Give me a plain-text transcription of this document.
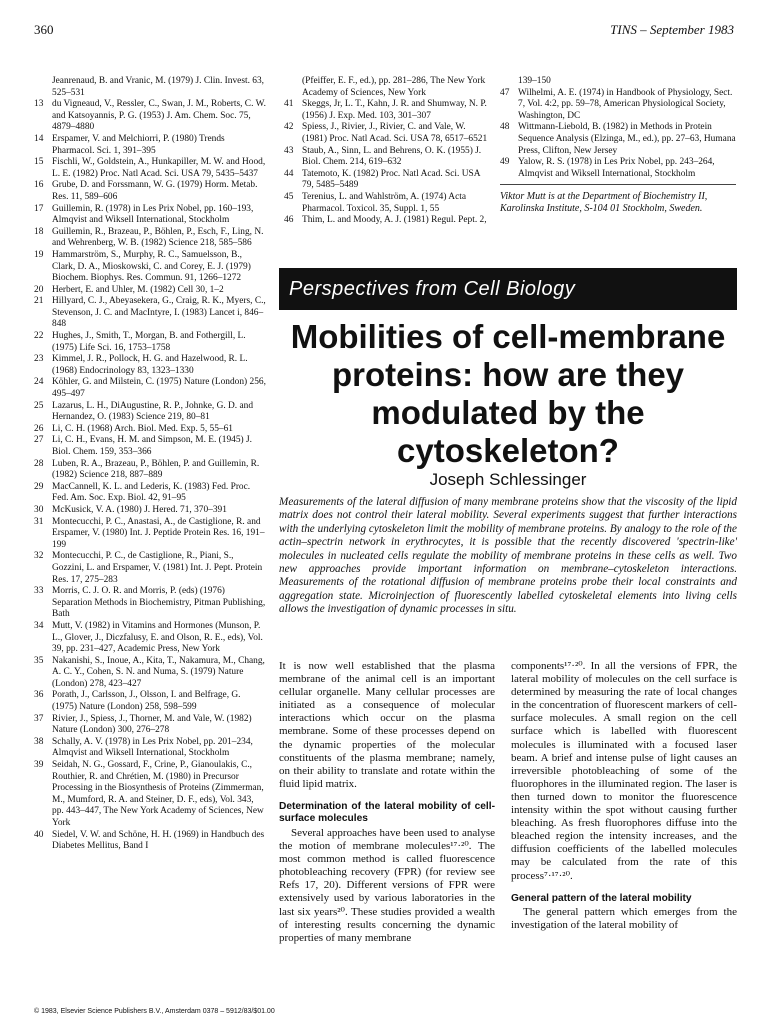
360	TINS – September 1983

Jeanrenaud, B. and Vranic, M. (1979) J. Clin. Invest. 63, 525–531

13 du Vigneaud, V., Ressler, C., Swan, J. M., Roberts, C. W. and Katsoyannis, P. G. (1953) J. Am. Chem. Soc. 75, 4879–4880

14 Erspamer, V. and Melchiorri, P. (1980) Trends Pharmacol. Sci. 1, 391–395

15 Fischli, W., Goldstein, A., Hunkapiller, M. W. and Hood, L. E. (1982) Proc. Natl Acad. Sci. USA 79, 5435–5437

16 Grube, D. and Forssmann, W. G. (1979) Horm. Metab. Res. 11, 589–606

17 Guillemin, R. (1978) in Les Prix Nobel, pp. 160–193, Almqvist and Wiksell International, Stockholm

18 Guillemin, R., Brazeau, P., Böhlen, P., Esch, F., Ling, N. and Wehrenberg, W. B. (1982) Science 218, 585–586

19 Hammarström, S., Murphy, R. C., Samuelsson, B., Clark, D. A., Mioskowski, C. and Corey, E. J. (1979) Biochem. Biophys. Res. Commun. 91, 1266–1272

20 Herbert, E. and Uhler, M. (1982) Cell 30, 1–2

21 Hillyard, C. J., Abeyasekera, G., Craig, R. K., Myers, C., Stevenson, J. C. and MacIntyre, I. (1983) Lancet i, 846–848

22 Hughes, J., Smith, T., Morgan, B. and Fothergill, L. (1975) Life Sci. 16, 1753–1758

23 Kimmel, J. R., Pollock, H. G. and Hazelwood, R. L. (1968) Endocrinology 83, 1323–1330

24 Köhler, G. and Milstein, C. (1975) Nature (London) 256, 495–497

25 Lazarus, L. H., DiAugustine, R. P., Johnke, G. D. and Hernandez, O. (1983) Science 219, 80–81

26 Li, C. H. (1968) Arch. Biol. Med. Exp. 5, 55–61

27 Li, C. H., Evans, H. M. and Simpson, M. E. (1945) J. Biol. Chem. 159, 353–366

28 Luben, R. A., Brazeau, P., Böhlen, P. and Guillemin, R. (1982) Science 218, 887–889

29 MacCannell, K. L. and Lederis, K. (1983) Fed. Proc. Fed. Am. Soc. Exp. Biol. 42, 91–95

30 McKusick, V. A. (1980) J. Hered. 71, 370–391

31 Montecucchi, P. C., Anastasi, A., de Castiglione, R. and Erspamer, V. (1980) Int. J. Peptide Protein Res. 16, 191–199

32 Montecucchi, P. C., de Castiglione, R., Piani, S., Gozzini, L. and Erspamer, V. (1981) Int. J. Pept. Protein Res. 17, 275–283

33 Morris, C. J. O. R. and Morris, P. (eds) (1976) Separation Methods in Biochemistry, Pitman Publishing, Bath

34 Mutt, V. (1982) in Vitamins and Hormones (Munson, P. L., Glover, J., Diczfalusy, E. and Olson, R. E., eds), Vol. 39, pp. 231–427, Academic Press, New York

35 Nakanishi, S., Inoue, A., Kita, T., Nakamura, M., Chang, A. C. Y., Cohen, S. N. and Numa, S. (1979) Nature (London) 278, 423–427

36 Porath, J., Carlsson, J., Olsson, I. and Belfrage, G. (1975) Nature (London) 258, 598–599

37 Rivier, J., Spiess, J., Thorner, M. and Vale, W. (1982) Nature (London) 300, 276–278

38 Schally, A. V. (1978) in Les Prix Nobel, pp. 201–234, Almqvist and Wiksell International, Stockholm

39 Seidah, N. G., Gossard, F., Crine, P., Gianoulakis, C., Routhier, R. and Chrétien, M. (1980) in Precursor Processing in the Biosynthesis of Proteins (Zimmerman, M., Mumford, R. A. and Steiner, D. F., eds), Vol. 343, pp. 443–447, The New York Academy of Sciences, New York

40 Siedel, V. W. and Schöne, H. H. (1969) in Handbuch des Diabetes Mellitus, Band I

(Pfeiffer, E. F., ed.), pp. 281–286, The New York Academy of Sciences, New York

41 Skeggs, Jr, L. T., Kahn, J. R. and Shumway, N. P. (1956) J. Exp. Med. 103, 301–307

42 Spiess, J., Rivier, J., Rivier, C. and Vale, W. (1981) Proc. Natl Acad. Sci. USA 78, 6517–6521

43 Staub, A., Sinn, L. and Behrens, O. K. (1955) J. Biol. Chem. 214, 619–632

44 Tatemoto, K. (1982) Proc. Natl Acad. Sci. USA 79, 5485–5489

45 Terenius, L. and Wahlström, A. (1974) Acta Pharmacol. Toxicol. 35, Suppl. 1, 55

46 Thim, L. and Moody, A. J. (1981) Regul. Pept. 2,

139–150

47 Wilhelmi, A. E. (1974) in Handbook of Physiology, Sect. 7, Vol. 4:2, pp. 59–78, American Physiological Society, Washington, DC

48 Wittmann-Liebold, B. (1982) in Methods in Protein Sequence Analysis (Elzinga, M., ed.), pp. 27–63, Humana Press, Clifton, New Jersey

49 Yalow, R. S. (1978) in Les Prix Nobel, pp. 243–264, Almqvist and Wiksell International, Stockholm

Viktor Mutt is at the Department of Biochemistry II, Karolinska Institute, S-104 01 Stockholm, Sweden.
Perspectives from Cell Biology
Mobilities of cell-membrane proteins: how are they modulated by the cytoskeleton?
Joseph Schlessinger
Measurements of the lateral diffusion of many membrane proteins show that the viscosity of the lipid matrix does not control their lateral mobility. Several experiments suggest that further interactions with the underlying cytoskeleton limit the mobility of membrane proteins. By analogy to the role of the actin–spectrin network in erythrocytes, it is possible that the recently discovered 'spectrin-like' molecules in nucleated cells regulate the mobility of membrane proteins in these cells as well. Two new approaches provide important information on membrane–cytoskeleton interactions. Measurements of the rotational diffusion of membrane proteins probe their local constraints and aggregation state. Microinjection of fluorescently labelled cytoskeletal elements into living cells allows the investigation of dynamic processes in situ.

It is now well established that the plasma membrane of the animal cell is an important cellular organelle. Many cellular processes are initiated as a consequence of molecular interactions which occur on the plasma membrane. Some of these processes depend on the dynamic properties of the molecular constituents of the plasma membrane; namely, on their ability to translate and rotate within the fluid lipid matrix.

Determination of the lateral mobility of cell-surface molecules

Several approaches have been used to analyse the motion of membrane molecules¹⁷·²⁰. The most common method is called fluorescence photobleaching recovery (FPR) (for review see Refs 17, 20). Different versions of FPR were extensively used by various laboratories in the last six years²⁰. These studies provided a wealth of interesting results concerning the dynamic properties of many membrane

components¹⁷·²⁰. In all the versions of FPR, the lateral mobility of molecules on the cell surface is determined by measuring the rate of local changes in the concentration of fluorescent markers of cell-surface molecules. A small region on the cell surface which is labelled with fluorescent molecules is illuminated with a focused laser beam. A brief and intense pulse of light causes an irreversible photobleaching of some of the fluorophores in the illuminated region. The laser is then turned down to monitor the fluorescence intensity within the spot without causing further bleaching. As fresh fluorophores diffuse into the bleached region the intensity increases, and the diffusion coefficients of the labelled molecules may be calculated from the rate of this process⁷·¹⁷·²⁰.

General pattern of the lateral mobility

The general pattern which emerges from the investigation of the lateral mobility of

© 1983, Elsevier Science Publishers B.V., Amsterdam 0378 – 5912/83/$01.00
